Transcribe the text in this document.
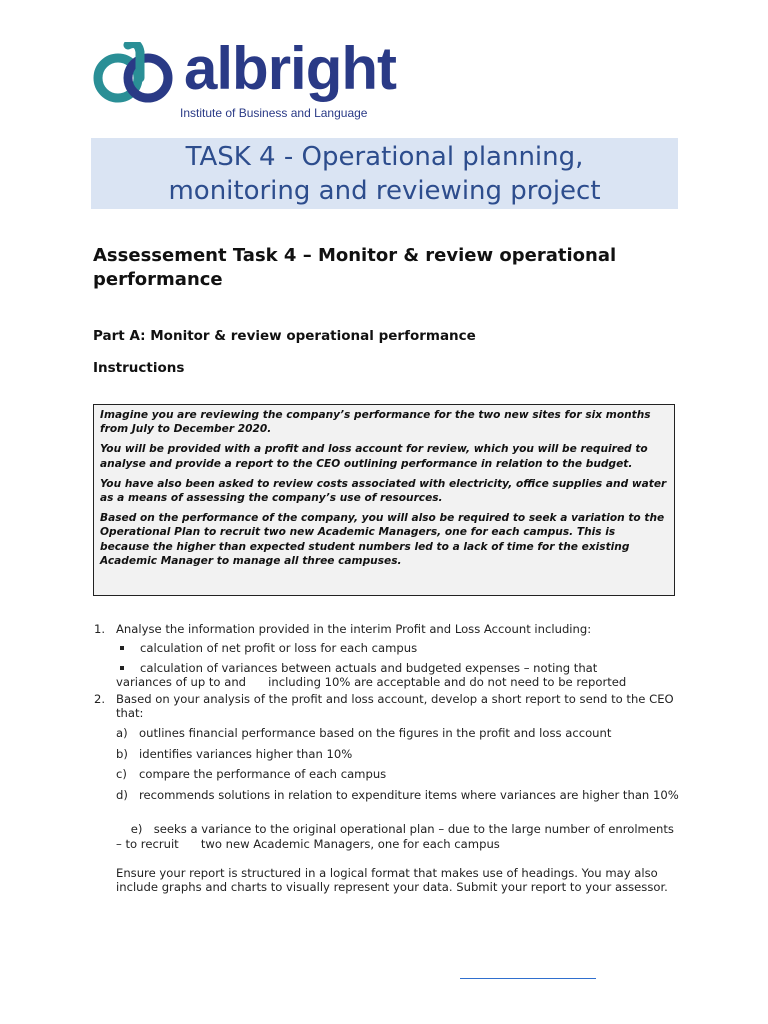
albright
Institute of Business and Language
TASK 4 - Operational planning,
monitoring and reviewing project
Assessement Task 4 – Monitor & review operational performance
Part A: Monitor & review operational performance
Instructions

Imagine you are reviewing the company’s performance for the two new sites for six months from July to December 2020.

You will be provided with a profit and loss account for review, which you will be required to analyse and provide a report to the CEO outlining performance in relation to the budget.

You have also been asked to review costs associated with electricity, office supplies and water as a means of assessing the company’s use of resources.

Based on the performance of the company, you will also be required to seek a variation to the Operational Plan to recruit two new Academic Managers, one for each campus. This is because the higher than expected student numbers led to a lack of time for the existing Academic Manager to manage all three campuses.

1. Analyse the information provided in the interim Profit and Loss Account including:
calculation of net profit or loss for each campus
calculation of variances between actuals and budgeted expenses – noting that
variances of up to and      including 10% are acceptable and do not need to be reported
2. Based on your analysis of the profit and loss account, develop a short report to send to the CEO that:
a) outlines financial performance based on the figures in the profit and loss account
b) identifies variances higher than 10%
c) compare the performance of each campus
d) recommends solutions in relation to expenditure items where variances are higher than 10%

e) seeks a variance to the original operational plan – due to the large number of enrolments – to recruit      two new Academic Managers, one for each campus

Ensure your report is structured in a logical format that makes use of headings. You may also include graphs and charts to visually represent your data. Submit your report to your assessor.
